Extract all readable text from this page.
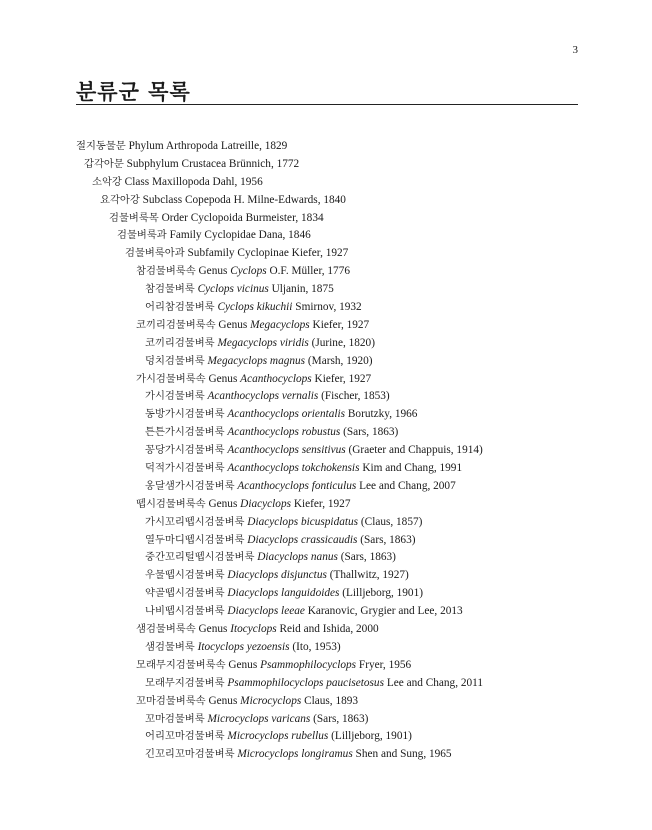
3
분류군 목록
절지동물문 Phylum Arthropoda Latreille, 1829
갑각아문 Subphylum Crustacea Brünnich, 1772
소악강 Class Maxillopoda Dahl, 1956
요각아강 Subclass Copepoda H. Milne-Edwards, 1840
검물벼룩목 Order Cyclopoida Burmeister, 1834
검물벼룩과 Family Cyclopidae Dana, 1846
검물벼룩아과 Subfamily Cyclopinae Kiefer, 1927
참검물벼룩속 Genus Cyclops O.F. Müller, 1776
참검물벼룩 Cyclops vicinus Uljanin, 1875
어리참검물벼룩 Cyclops kikuchii Smirnov, 1932
코끼리검물벼룩속 Genus Megacyclops Kiefer, 1927
코끼리검물벼룩 Megacyclops viridis (Jurine, 1820)
덩치검물벼룩 Megacyclops magnus (Marsh, 1920)
가시검물벼룩속 Genus Acanthocyclops Kiefer, 1927
가시검물벼룩 Acanthocyclops vernalis (Fischer, 1853)
동방가시검물벼룩 Acanthocyclops orientalis Borutzky, 1966
튼튼가시검물벼룩 Acanthocyclops robustus (Sars, 1863)
꽁당가시검물벼룩 Acanthocyclops sensitivus (Graeter and Chappuis, 1914)
덕적가시검물벼룩 Acanthocyclops tokchokensis Kim and Chang, 1991
옹달샘가시검물벼룩 Acanthocyclops fonticulus Lee and Chang, 2007
뗍시검물벼룩속 Genus Diacyclops Kiefer, 1927
가시꼬리뗍시검물벼룩 Diacyclops bicuspidatus (Claus, 1857)
열두마디뗍시검물벼룩 Diacyclops crassicaudis (Sars, 1863)
중간꼬리털뗍시검물벼룩 Diacyclops nanus (Sars, 1863)
우물뗍시검물벼룩 Diacyclops disjunctus (Thallwitz, 1927)
약골뗍시검물벼룩 Diacyclops languidoides (Lilljeborg, 1901)
나비뗍시검물벼룩 Diacyclops leeae Karanovic, Grygier and Lee, 2013
샘검물벼룩속 Genus Itocyclops Reid and Ishida, 2000
샘검물벼룩 Itocyclops yezoensis (Ito, 1953)
모래무지검물벼룩속 Genus Psammophilocyclops Fryer, 1956
모래무지검물벼룩 Psammophilocyclops paucisetosus Lee and Chang, 2011
꼬마검물벼룩속 Genus Microcyclops Claus, 1893
꼬마검물벼룩 Microcyclops varicans (Sars, 1863)
어리꼬마검물벼룩 Microcyclops rubellus (Lilljeborg, 1901)
긴꼬리꼬마검물벼룩 Microcyclops longiramus Shen and Sung, 1965
